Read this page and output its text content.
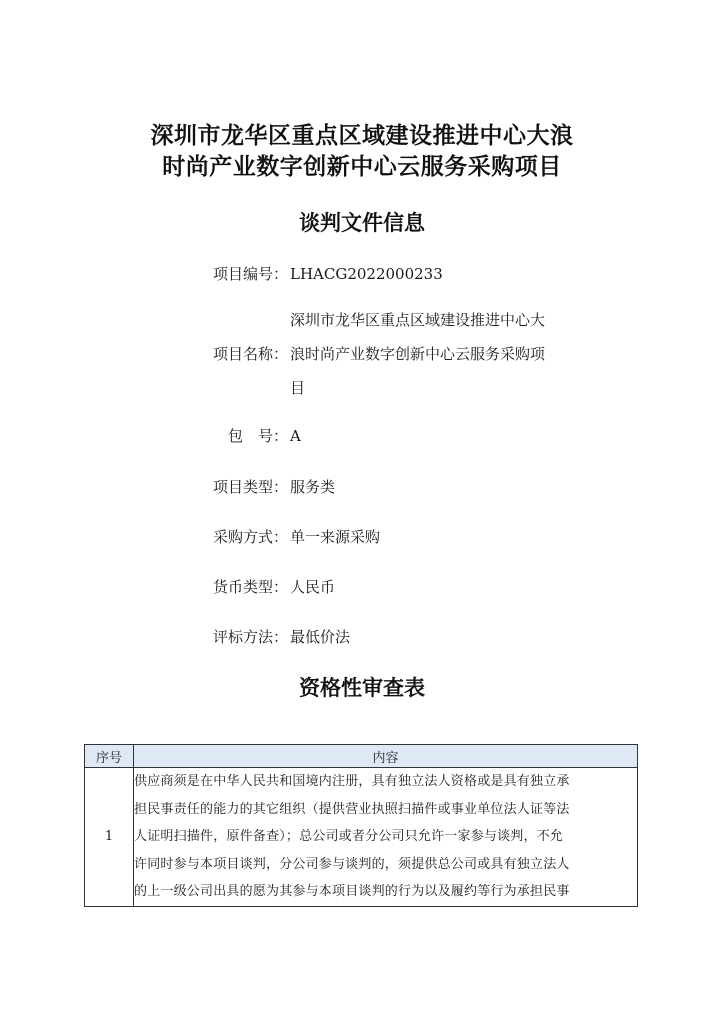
深圳市龙华区重点区域建设推进中心大浪
时尚产业数字创新中心云服务采购项目
谈判文件信息
项目编号： LHACG2022000233
项目名称：
深圳市龙华区重点区域建设推进中心大
浪时尚产业数字创新中心云服务采购项
目
包　号： A
项目类型： 服务类
采购方式： 单一来源采购
货币类型： 人民币
评标方法： 最低价法
资格性审查表
序号	内容
1	供应商须是在中华人民共和国境内注册，具有独立法人资格或是具有独立承
担民事责任的能力的其它组织（提供营业执照扫描件或事业单位法人证等法
人证明扫描件，原件备查）；总公司或者分公司只允许一家参与谈判，不允
许同时参与本项目谈判，分公司参与谈判的，须提供总公司或具有独立法人
的上一级公司出具的愿为其参与本项目谈判的行为以及履约等行为承担民事
